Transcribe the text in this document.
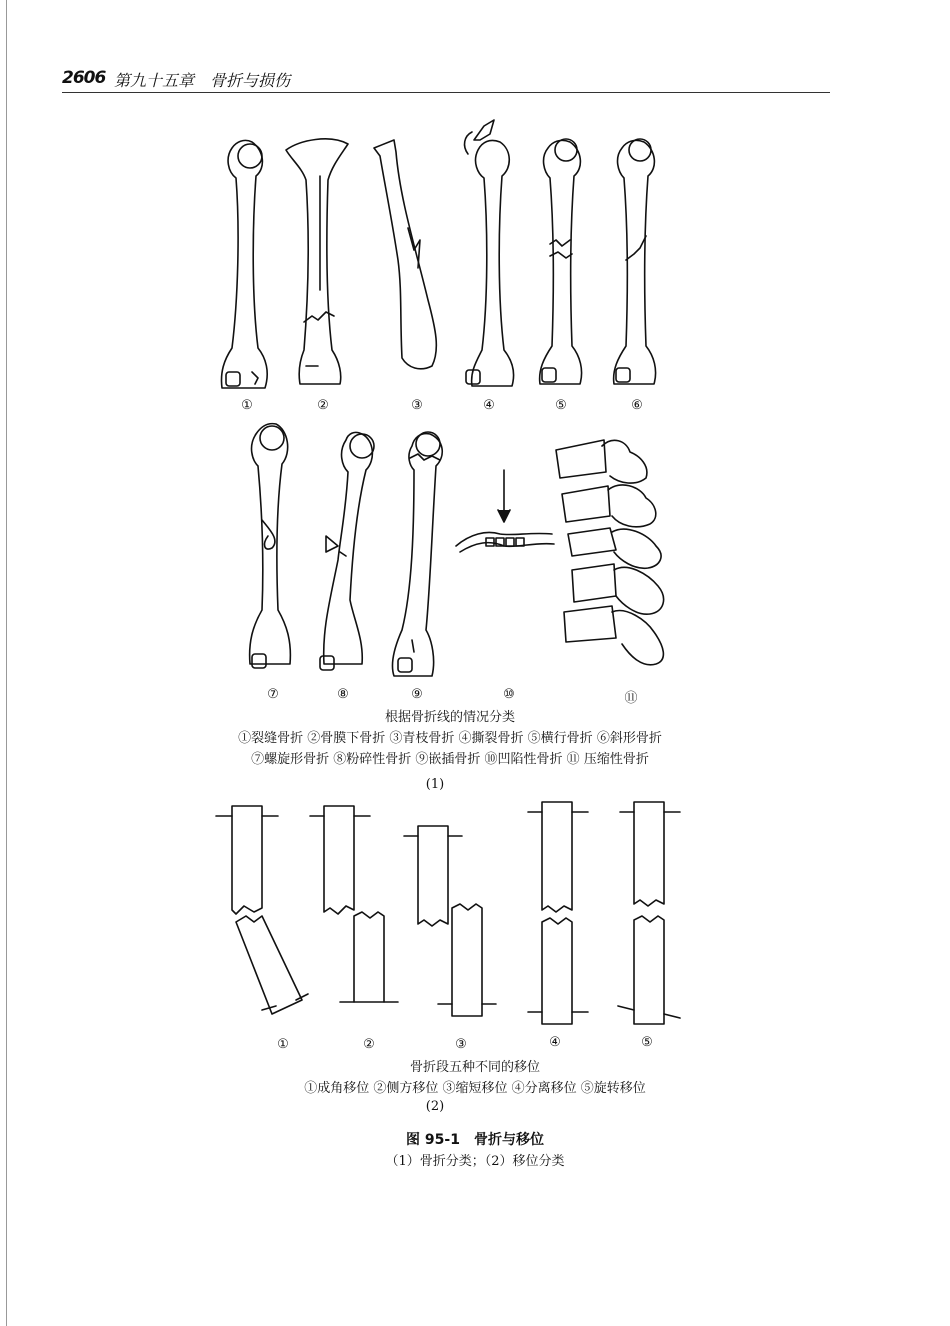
2606 第九十五章　骨折与损伤
①	②	③	④	⑤	⑥
⑦	⑧	⑨	⑩	⑪
根据骨折线的情况分类
①裂缝骨折 ②骨膜下骨折 ③青枝骨折 ④撕裂骨折 ⑤横行骨折 ⑥斜形骨折
⑦螺旋形骨折 ⑧粉碎性骨折 ⑨嵌插骨折 ⑩凹陷性骨折 ⑪ 压缩性骨折
(1)
①	②	③	④	⑤
骨折段五种不同的移位
①成角移位 ②侧方移位 ③缩短移位 ④分离移位 ⑤旋转移位
(2)
图 95-1　骨折与移位
（1）骨折分类；（2）移位分类
